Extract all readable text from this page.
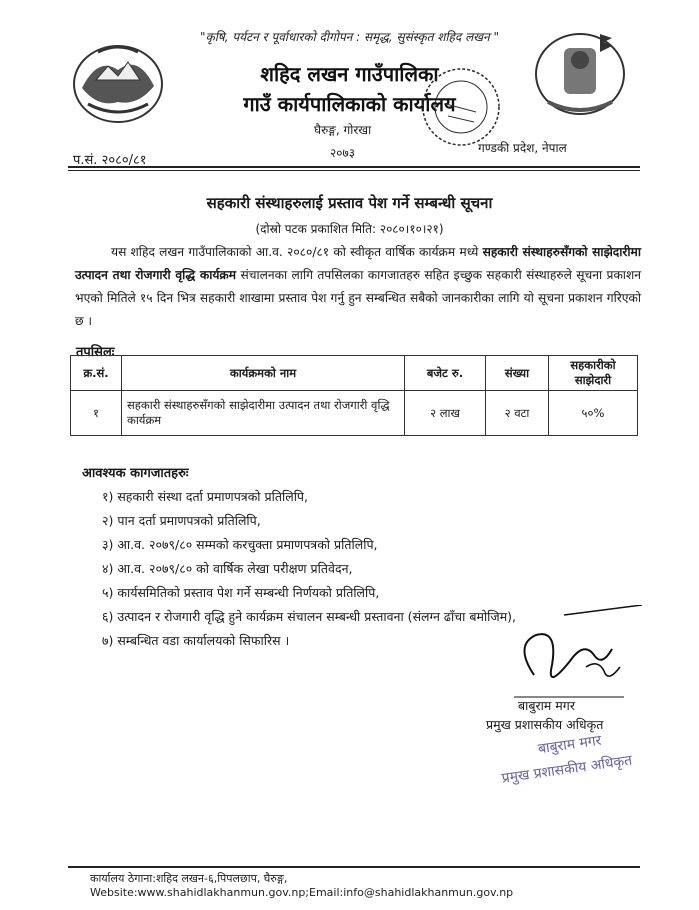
"कृषि, पर्यटन र पूर्वाधारको दीगोपन : समृद्ध, सुसंस्कृत शहिद लखन "
शहिद लखन गाउँपालिका
गाउँ कार्यपालिकाको कार्यालय
घैरुङ्ग, गोरखा
२०७३
प.सं. २०८०/८१
गण्डकी प्रदेश, नेपाल
सहकारी संस्थाहरुलाई प्रस्ताव पेश गर्ने सम्बन्धी सूचना
(दोस्रो पटक प्रकाशित मिति: २०८०।१०।२१)
यस शहिद लखन गाउँपालिकाको आ.व. २०८०/८१ को स्वीकृत वार्षिक कार्यक्रम मध्ये सहकारी संस्थाहरुसँगको साझेदारीमा उत्पादन तथा रोजगारी वृद्धि कार्यक्रम संचालनका लागि तपसिलका कागजातहरु सहित इच्छुक सहकारी संस्थाहरुले सूचना प्रकाशन भएको मितिले १५ दिन भित्र सहकारी शाखामा प्रस्ताव पेश गर्नु हुन सम्बन्धित सबैको जानकारीका लागि यो सूचना प्रकाशन गरिएको छ ।
तपसिलः
क्र.सं.	कार्यक्रमको नाम	बजेट रु.	संख्या	सहकारीको साझेदारी
१	सहकारी संस्थाहरुसँगको साझेदारीमा उत्पादन तथा रोजगारी वृद्धि कार्यक्रम	२ लाख	२ वटा	५०%
आवश्यक कागजातहरुः
१) सहकारी संस्था दर्ता प्रमाणपत्रको प्रतिलिपि,
२) पान दर्ता प्रमाणपत्रको प्रतिलिपि,
३) आ.व. २०७९/८० सम्मको करचुक्ता प्रमाणपत्रको प्रतिलिपि,
४) आ.व. २०७९/८० को वार्षिक लेखा परीक्षण प्रतिवेदन,
५) कार्यसमितिको प्रस्ताव पेश गर्ने सम्बन्धी निर्णयको प्रतिलिपि,
६) उत्पादन र रोजगारी वृद्धि हुने कार्यक्रम संचालन सम्बन्धी प्रस्तावना (संलग्न ढाँचा बमोजिम),
७) सम्बन्धित वडा कार्यालयको सिफारिस ।
बाबुराम मगर
प्रमुख प्रशासकीय अधिकृत
बाबुराम मगर
प्रमुख प्रशासकीय अधिकृत
कार्यालय ठेगाना:शहिद लखन-६,पिपलछाप, घैरुङ्ग, Website:www.shahidlakhanmun.gov.np;Email:info@shahidlakhanmun.gov.np
